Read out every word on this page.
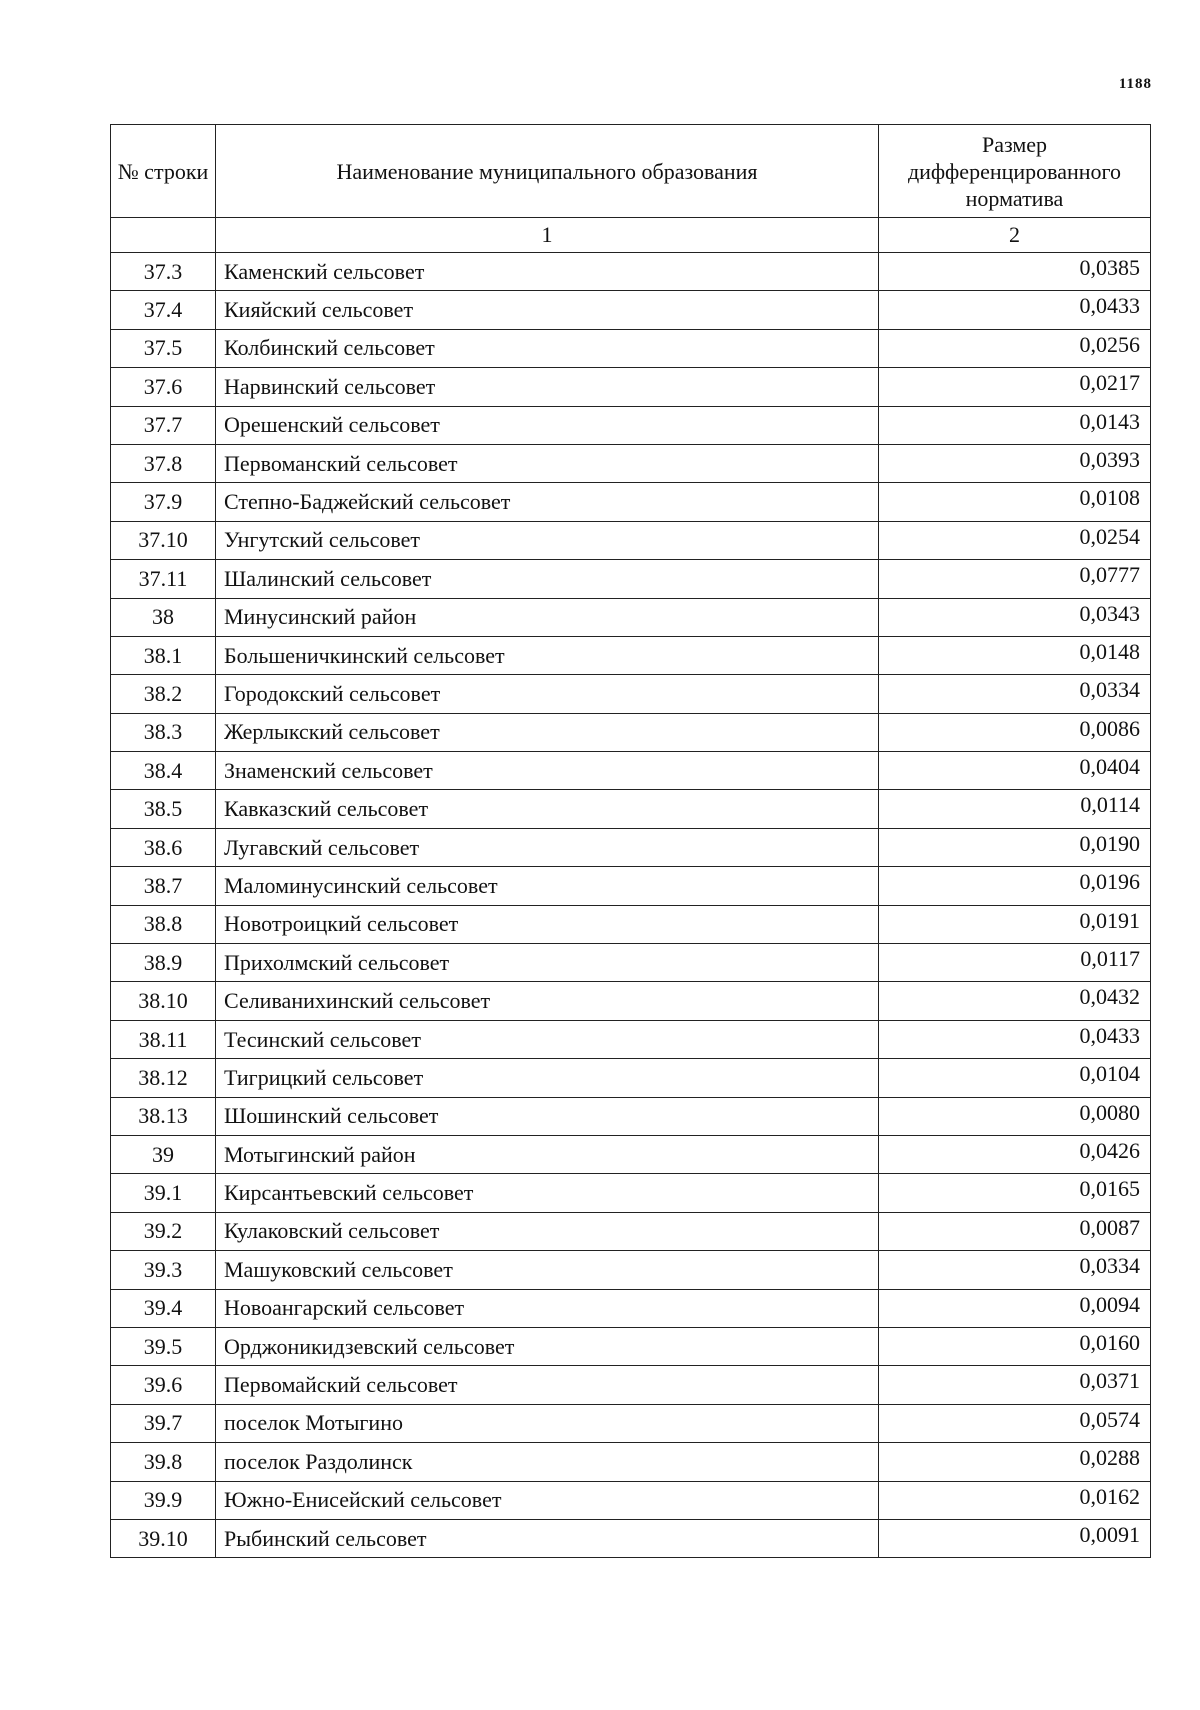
1188
№ строки	Наименование муниципального образования	Размер дифференцированного норматива
	1	2
37.3	Каменский сельсовет	0,0385
37.4	Кияйский сельсовет	0,0433
37.5	Колбинский сельсовет	0,0256
37.6	Нарвинский сельсовет	0,0217
37.7	Орешенский сельсовет	0,0143
37.8	Первоманский сельсовет	0,0393
37.9	Степно-Баджейский сельсовет	0,0108
37.10	Унгутский сельсовет	0,0254
37.11	Шалинский сельсовет	0,0777
38	Минусинский район	0,0343
38.1	Большеничкинский сельсовет	0,0148
38.2	Городокский сельсовет	0,0334
38.3	Жерлыкский сельсовет	0,0086
38.4	Знаменский сельсовет	0,0404
38.5	Кавказский сельсовет	0,0114
38.6	Лугавский сельсовет	0,0190
38.7	Маломинусинский сельсовет	0,0196
38.8	Новотроицкий сельсовет	0,0191
38.9	Прихолмский сельсовет	0,0117
38.10	Селиванихинский сельсовет	0,0432
38.11	Тесинский сельсовет	0,0433
38.12	Тигрицкий сельсовет	0,0104
38.13	Шошинский сельсовет	0,0080
39	Мотыгинский район	0,0426
39.1	Кирсантьевский сельсовет	0,0165
39.2	Кулаковский сельсовет	0,0087
39.3	Машуковский сельсовет	0,0334
39.4	Новоангарский сельсовет	0,0094
39.5	Орджоникидзевский сельсовет	0,0160
39.6	Первомайский сельсовет	0,0371
39.7	поселок Мотыгино	0,0574
39.8	поселок Раздолинск	0,0288
39.9	Южно-Енисейский сельсовет	0,0162
39.10	Рыбинский сельсовет	0,0091
